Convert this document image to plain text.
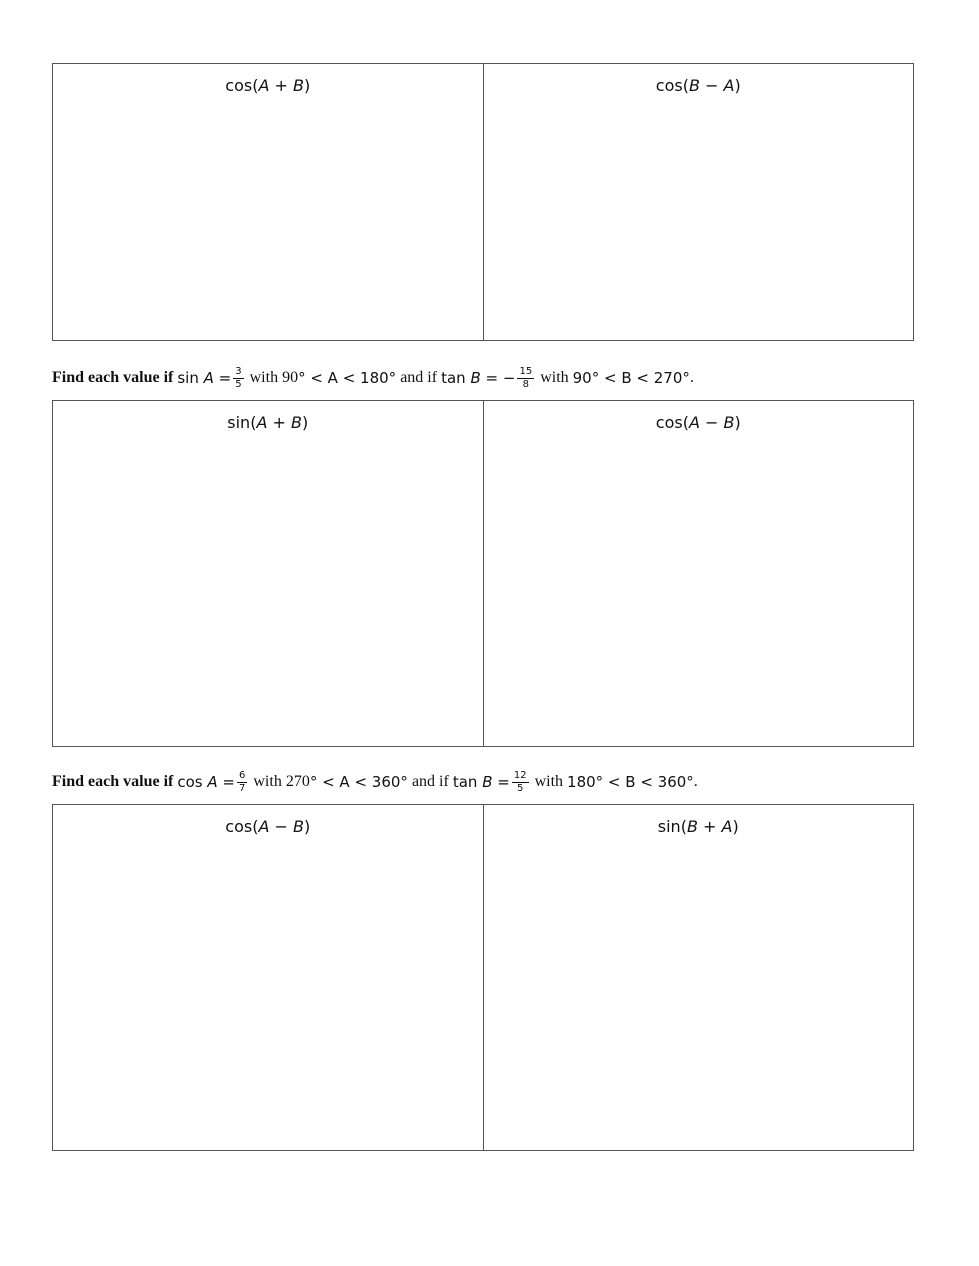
cos(A + B)	cos(B − A)
Find each value if $\sin A = \frac{3}{5}$ with 90 ° < A < 180° and if tan B = − $\frac{15}{8}$ with 90° < B < 270° .
sin(A + B)	cos(A − B)
Find each value if $\cos A = \frac{6}{7}$ with 270 ° < A < 360° and if $\tan B = \frac{12}{5}$ with 180° < B < 360° .
cos(A − B)	sin(B + A)
